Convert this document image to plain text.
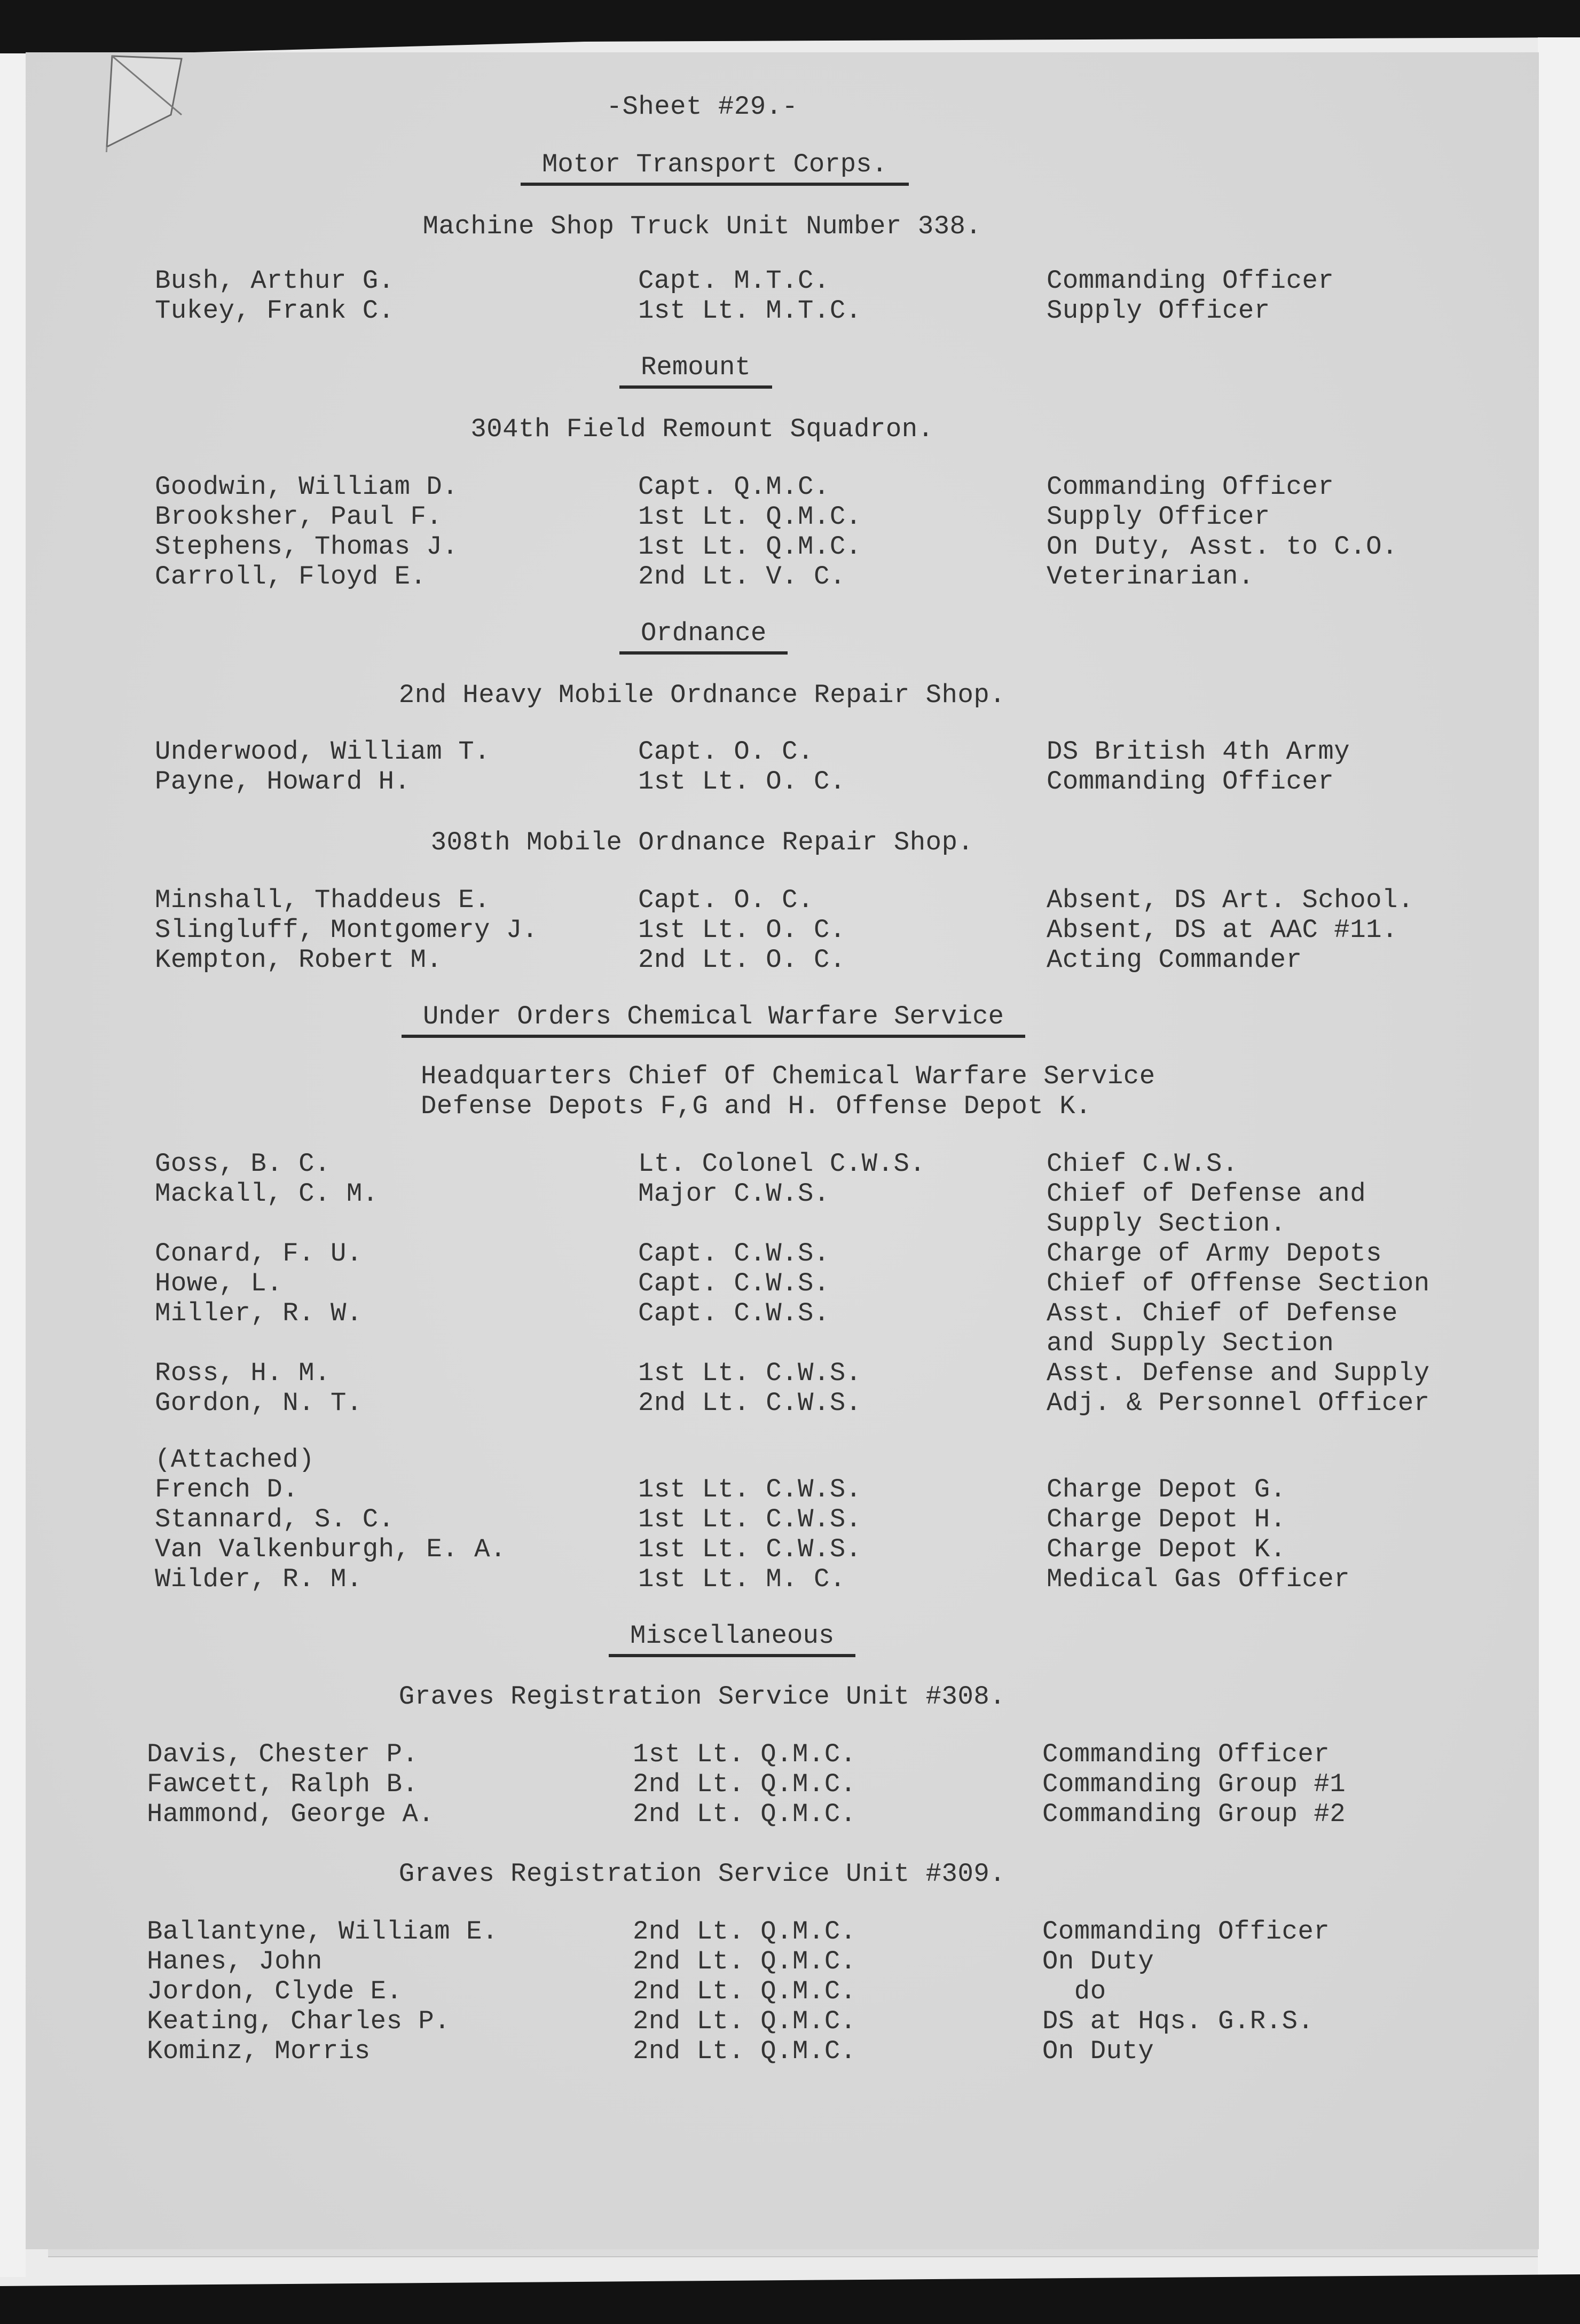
-Sheet #29.-
Motor Transport Corps.
Machine Shop Truck Unit Number 338.
Bush, Arthur G.	Capt. M.T.C.	Commanding Officer
Tukey, Frank C.	1st Lt. M.T.C.	Supply Officer
Remount
304th Field Remount Squadron.
Goodwin, William D.	Capt. Q.M.C.	Commanding Officer
Brooksher, Paul F.	1st Lt. Q.M.C.	Supply Officer
Stephens, Thomas J.	1st Lt. Q.M.C.	On Duty, Asst. to C.O.
Carroll, Floyd E.	2nd Lt. V. C.	Veterinarian.
Ordnance
2nd Heavy Mobile Ordnance Repair Shop.
Underwood, William T.	Capt. O. C.	DS British 4th Army
Payne, Howard H.	1st Lt. O. C.	Commanding Officer
308th Mobile Ordnance Repair Shop.
Minshall, Thaddeus E.	Capt. O. C.	Absent, DS Art. School.
Slingluff, Montgomery J.	1st Lt. O. C.	Absent, DS at AAC #11.
Kempton, Robert M.	2nd Lt. O. C.	Acting Commander
Under Orders Chemical Warfare Service
Headquarters Chief Of Chemical Warfare Service
Defense Depots F,G and H. Offense Depot K.
Goss, B. C.	Lt. Colonel C.W.S.	Chief C.W.S.
Mackall, C. M.	Major C.W.S.	Chief of Defense and
Supply Section.
Conard, F. U.	Capt. C.W.S.	Charge of Army Depots
Howe, L.	Capt. C.W.S.	Chief of Offense Section
Miller, R. W.	Capt. C.W.S.	Asst. Chief of Defense
and Supply Section
Ross, H. M.	1st Lt. C.W.S.	Asst. Defense and Supply
Gordon, N. T.	2nd Lt. C.W.S.	Adj. & Personnel Officer
(Attached)
French D.	1st Lt. C.W.S.	Charge Depot G.
Stannard, S. C.	1st Lt. C.W.S.	Charge Depot H.
Van Valkenburgh, E. A.	1st Lt. C.W.S.	Charge Depot K.
Wilder, R. M.	1st Lt. M. C.	Medical Gas Officer
Miscellaneous
Graves Registration Service Unit #308.
Davis, Chester P.	1st Lt. Q.M.C.	Commanding Officer
Fawcett, Ralph B.	2nd Lt. Q.M.C.	Commanding Group #1
Hammond, George A.	2nd Lt. Q.M.C.	Commanding Group #2
Graves Registration Service Unit #309.
Ballantyne, William E.	2nd Lt. Q.M.C.	Commanding Officer
Hanes, John	2nd Lt. Q.M.C.	On Duty
Jordon, Clyde E.	2nd Lt. Q.M.C.	do
Keating, Charles P.	2nd Lt. Q.M.C.	DS at Hqs. G.R.S.
Kominz, Morris	2nd Lt. Q.M.C.	On Duty
